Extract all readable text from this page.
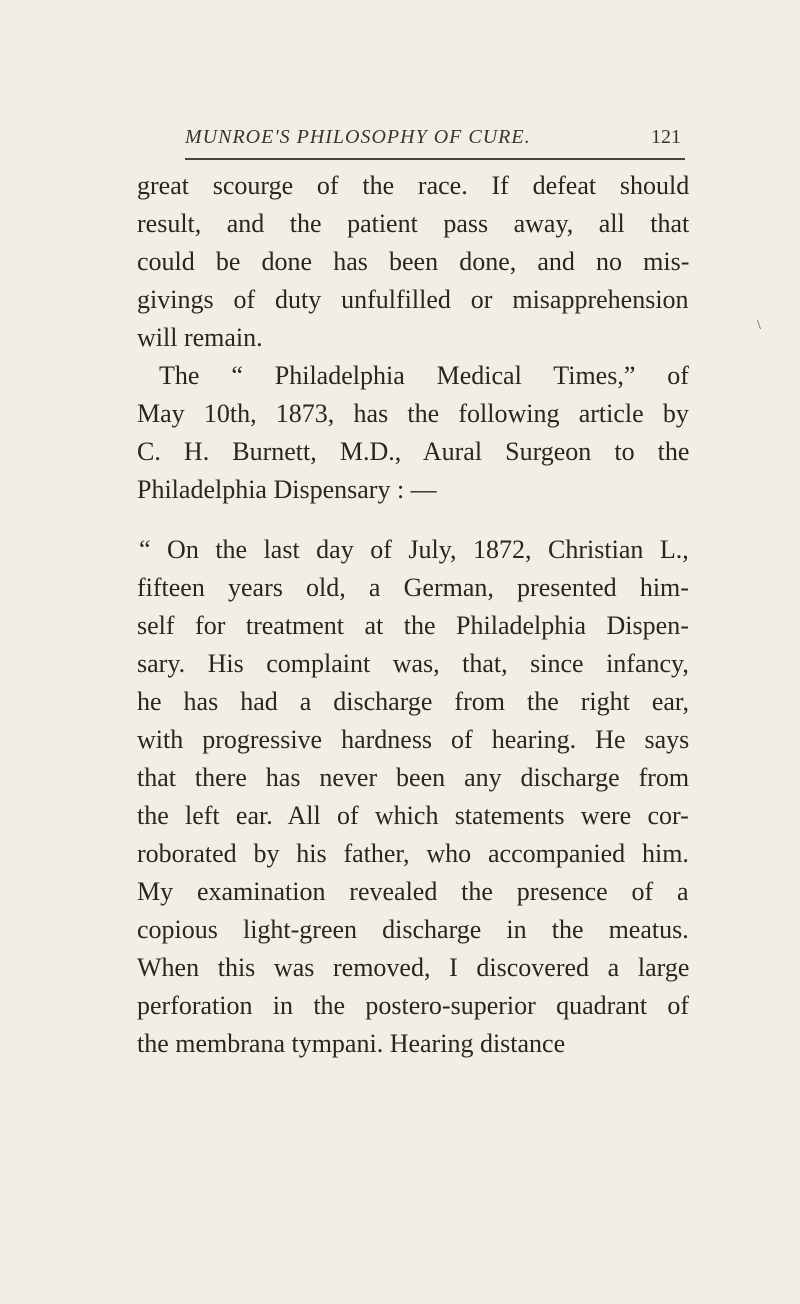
MUNROE'S PHILOSOPHY OF CURE.	121
great scourge of the race. If defeat should
result, and the patient pass away, all that
could be done has been done, and no mis-
givings of duty unfulfilled or misapprehension
will remain.
The “ Philadelphia Medical Times,” of
May 10th, 1873, has the following article by
C. H. Burnett, M.D., Aural Surgeon to the
Philadelphia Dispensary : —
“ On the last day of July, 1872, Christian L.,
fifteen years old, a German, presented him-
self for treatment at the Philadelphia Dispen-
sary. His complaint was, that, since infancy,
he has had a discharge from the right ear,
with progressive hardness of hearing. He says
that there has never been any discharge from
the left ear. All of which statements were cor-
roborated by his father, who accompanied him.
My examination revealed the presence of a
copious light-green discharge in the meatus.
When this was removed, I discovered a large
perforation in the postero-superior quadrant of
the membrana tympani. Hearing distance
\
